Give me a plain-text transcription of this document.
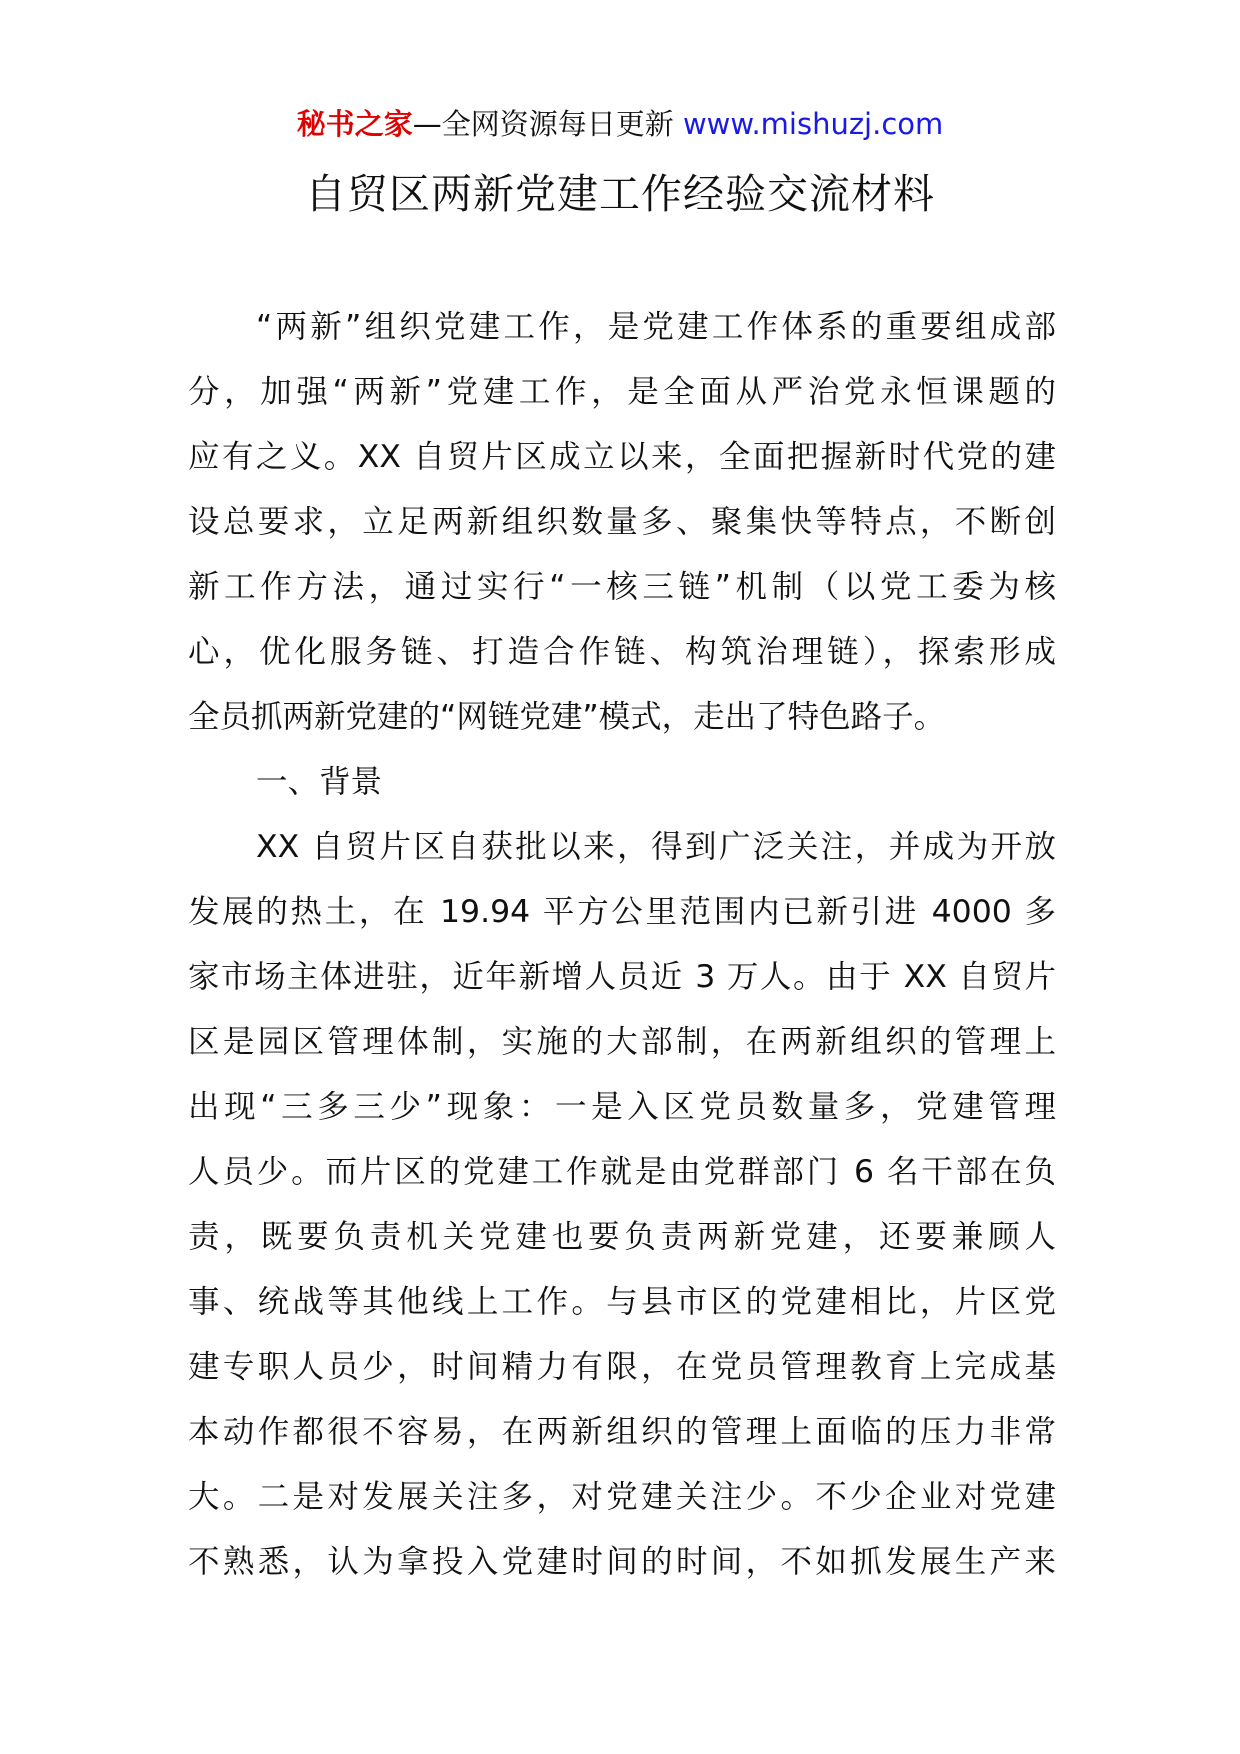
秘书之家—全网资源每日更新 www.mishuzj.com
自贸区两新党建工作经验交流材料
“两新”组织党建工作，是党建工作体系的重要组成部
分，加强“两新”党建工作，是全面从严治党永恒课题的
应有之义。XX 自贸片区成立以来，全面把握新时代党的建
设总要求，立足两新组织数量多、聚集快等特点，不断创
新工作方法，通过实行“一核三链”机制（以党工委为核
心，优化服务链、打造合作链、构筑治理链），探索形成
全员抓两新党建的“网链党建”模式，走出了特色路子。
一、背景
XX 自贸片区自获批以来，得到广泛关注，并成为开放
发展的热土，在 19.94 平方公里范围内已新引进 4000 多
家市场主体进驻，近年新增人员近 3 万人。由于 XX 自贸片
区是园区管理体制，实施的大部制，在两新组织的管理上
出现“三多三少”现象：一是入区党员数量多，党建管理
人员少。而片区的党建工作就是由党群部门 6 名干部在负
责，既要负责机关党建也要负责两新党建，还要兼顾人
事、统战等其他线上工作。与县市区的党建相比，片区党
建专职人员少，时间精力有限，在党员管理教育上完成基
本动作都很不容易，在两新组织的管理上面临的压力非常
大。二是对发展关注多，对党建关注少。不少企业对党建
不熟悉，认为拿投入党建时间的时间，不如抓发展生产来
